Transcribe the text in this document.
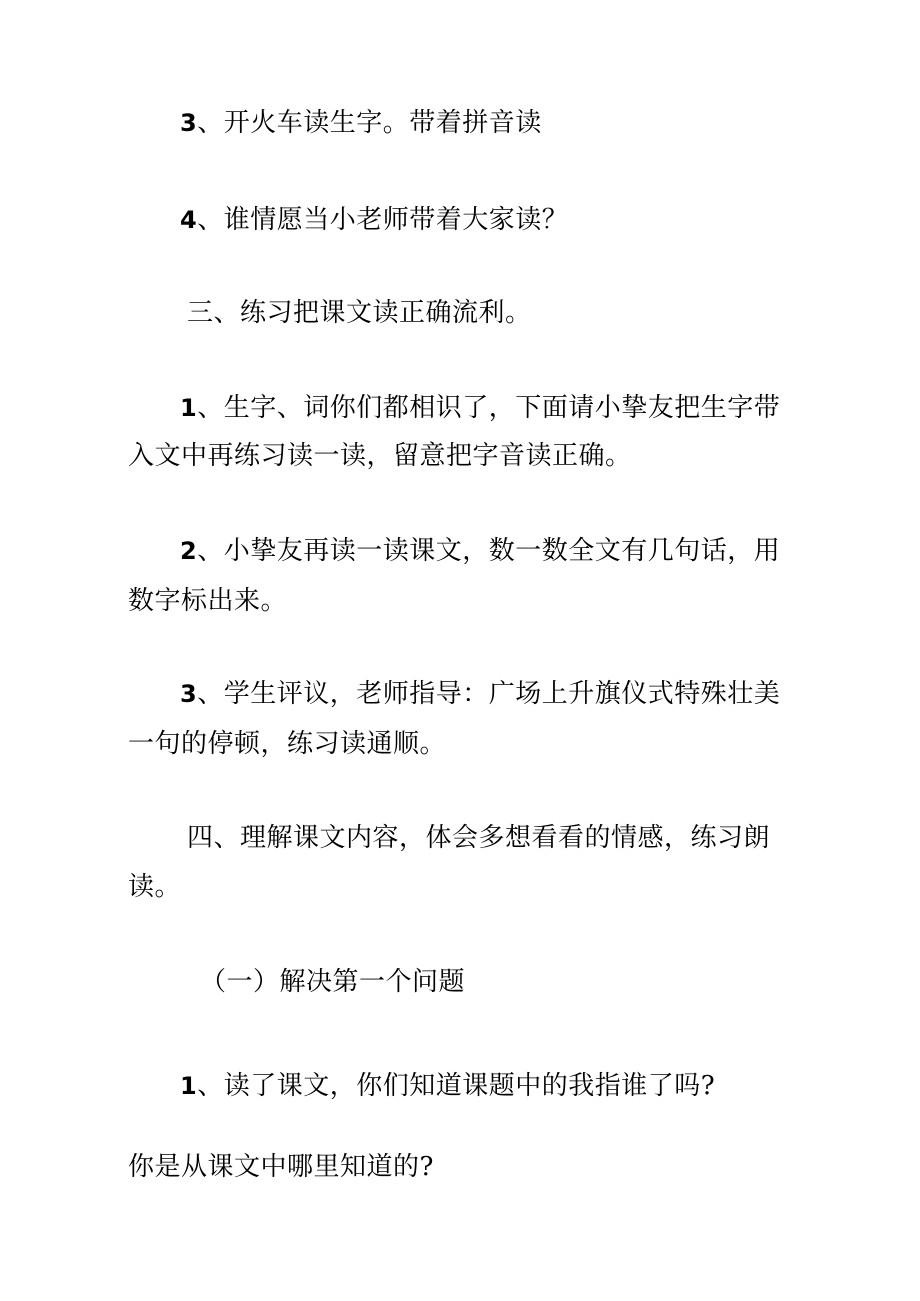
3、开火车读生字。带着拼音读
4、谁情愿当小老师带着大家读？
三、练习把课文读正确流利。
1、生字、词你们都相识了，下面请小挚友把生字带
入文中再练习读一读，留意把字音读正确。
2、小挚友再读一读课文，数一数全文有几句话，用
数字标出来。
3、学生评议，老师指导：广场上升旗仪式特殊壮美
一句的停顿，练习读通顺。
四、理解课文内容，体会多想看看的情感，练习朗
读。
（一）解决第一个问题
1、读了课文，你们知道课题中的我指谁了吗?
你是从课文中哪里知道的?
